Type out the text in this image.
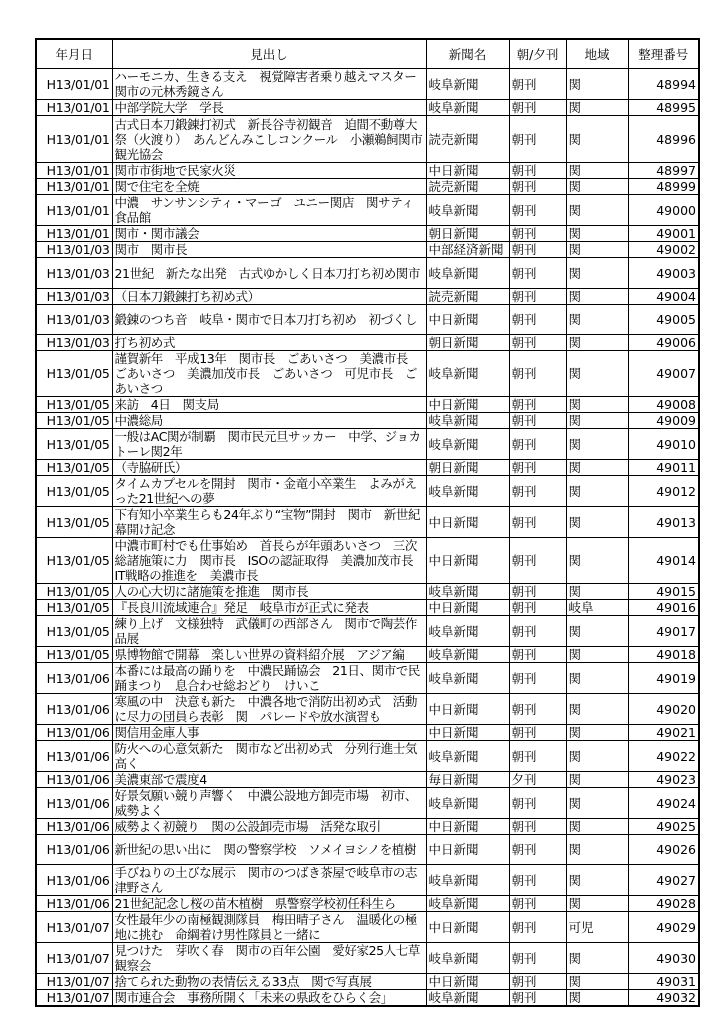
年月日	見出し	新聞名	朝/夕刊	地域	整理番号
H13/01/01	ハーモニカ、生きる支え　視覚障害者乗り越えマスター関市の元林秀鏡さん	岐阜新聞	朝刊	関	48994
H13/01/01	中部学院大学　学長	岐阜新聞	朝刊	関	48995
H13/01/01	古式日本刀鍛錬打初式　新長谷寺初観音　迫間不動尊大祭（火渡り）　あんどんみこしコンクール　小瀬鵜飼関市観光協会	読売新聞	朝刊	関	48996
H13/01/01	関市市街地で民家火災	中日新聞	朝刊	関	48997
H13/01/01	関で住宅を全焼	読売新聞	朝刊	関	48999
H13/01/01	中濃　サンサンシティ・マーゴ　ユニー関店　関サティ食品館	岐阜新聞	朝刊	関	49000
H13/01/01	関市・関市議会	朝日新聞	朝刊	関	49001
H13/01/03	関市　関市長	中部経済新聞	朝刊	関	49002
H13/01/03	21世紀　新たな出発　古式ゆかしく日本刀打ち初め関市	岐阜新聞	朝刊	関	49003
H13/01/03	（日本刀鍛錬打ち初め式）	読売新聞	朝刊	関	49004
H13/01/03	鍛錬のつち音　岐阜・関市で日本刀打ち初め　初づくし	中日新聞	朝刊	関	49005
H13/01/03	打ち初め式	朝日新聞	朝刊	関	49006
H13/01/05	謹賀新年　平成13年　関市長　ごあいさつ　美濃市長　ごあいさつ　美濃加茂市長　ごあいさつ　可児市長　ごあいさつ	岐阜新聞	朝刊	関	49007
H13/01/05	来訪　4日　関支局	中日新聞	朝刊	関	49008
H13/01/05	中濃総局	岐阜新聞	朝刊	関	49009
H13/01/05	一般はAC関が制覇　関市民元旦サッカー　中学、ジョカトーレ関2年	岐阜新聞	朝刊	関	49010
H13/01/05	（寺脇研氏）	朝日新聞	朝刊	関	49011
H13/01/05	タイムカプセルを開封　関市・金竜小卒業生　よみがえった21世紀への夢	岐阜新聞	朝刊	関	49012
H13/01/05	下有知小卒業生らも24年ぶり“宝物”開封　関市　新世紀幕開け記念	中日新聞	朝刊	関	49013
H13/01/05	中濃市町村でも仕事始め　首長らが年頭あいさつ　三次総諸施策に力　関市長　ISOの認証取得　美濃加茂市長　IT戦略の推進を　美濃市長	中日新聞	朝刊	関	49014
H13/01/05	人の心大切に諸施策を推進　関市長	岐阜新聞	朝刊	関	49015
H13/01/05	『長良川流域連合』発足　岐阜市が正式に発表	中日新聞	朝刊	岐阜	49016
H13/01/05	練り上げ　文様独特　武儀町の西部さん　関市で陶芸作品展	岐阜新聞	朝刊	関	49017
H13/01/05	県博物館で開幕　楽しい世界の資料紹介展　アジア編	岐阜新聞	朝刊	関	49018
H13/01/06	本番には最高の踊りを　中濃民踊協会　21日、関市で民踊まつり　息合わせ総おどり　けいこ	岐阜新聞	朝刊	関	49019
H13/01/06	寒風の中　決意も新た　中濃各地で消防出初め式　活動に尽力の団員ら表彰　関　パレードや放水演習も	中日新聞	朝刊	関	49020
H13/01/06	関信用金庫人事	中日新聞	朝刊	関	49021
H13/01/06	防火への心意気新た　関市など出初め式　分列行進士気高く	岐阜新聞	朝刊	関	49022
H13/01/06	美濃東部で震度4	毎日新聞	夕刊	関	49023
H13/01/06	好景気願い競り声響く　中濃公設地方卸売市場　初市、威勢よく	岐阜新聞	朝刊	関	49024
H13/01/06	威勢よく初競り　関の公設卸売市場　活発な取引	中日新聞	朝刊	関	49025
H13/01/06	新世紀の思い出に　関の警察学校　ソメイヨシノを植樹	中日新聞	朝刊	関	49026
H13/01/06	手びねりの土びな展示　関市のつばき茶屋で岐阜市の志津野さん	岐阜新聞	朝刊	関	49027
H13/01/06	21世紀記念し桜の苗木植樹　県警察学校初任科生ら	岐阜新聞	朝刊	関	49028
H13/01/07	女性最年少の南極観測隊員　梅田晴子さん　温暖化の極地に挑む　命綱着け男性隊員と一緒に	中日新聞	朝刊	可児	49029
H13/01/07	見つけた　芽吹く春　関市の百年公園　愛好家25人七草観察会	岐阜新聞	朝刊	関	49030
H13/01/07	捨てられた動物の表情伝える33点　関で写真展	中日新聞	朝刊	関	49031
H13/01/07	関市連合会　事務所開く「未来の県政をひらく会」	岐阜新聞	朝刊	関	49032
